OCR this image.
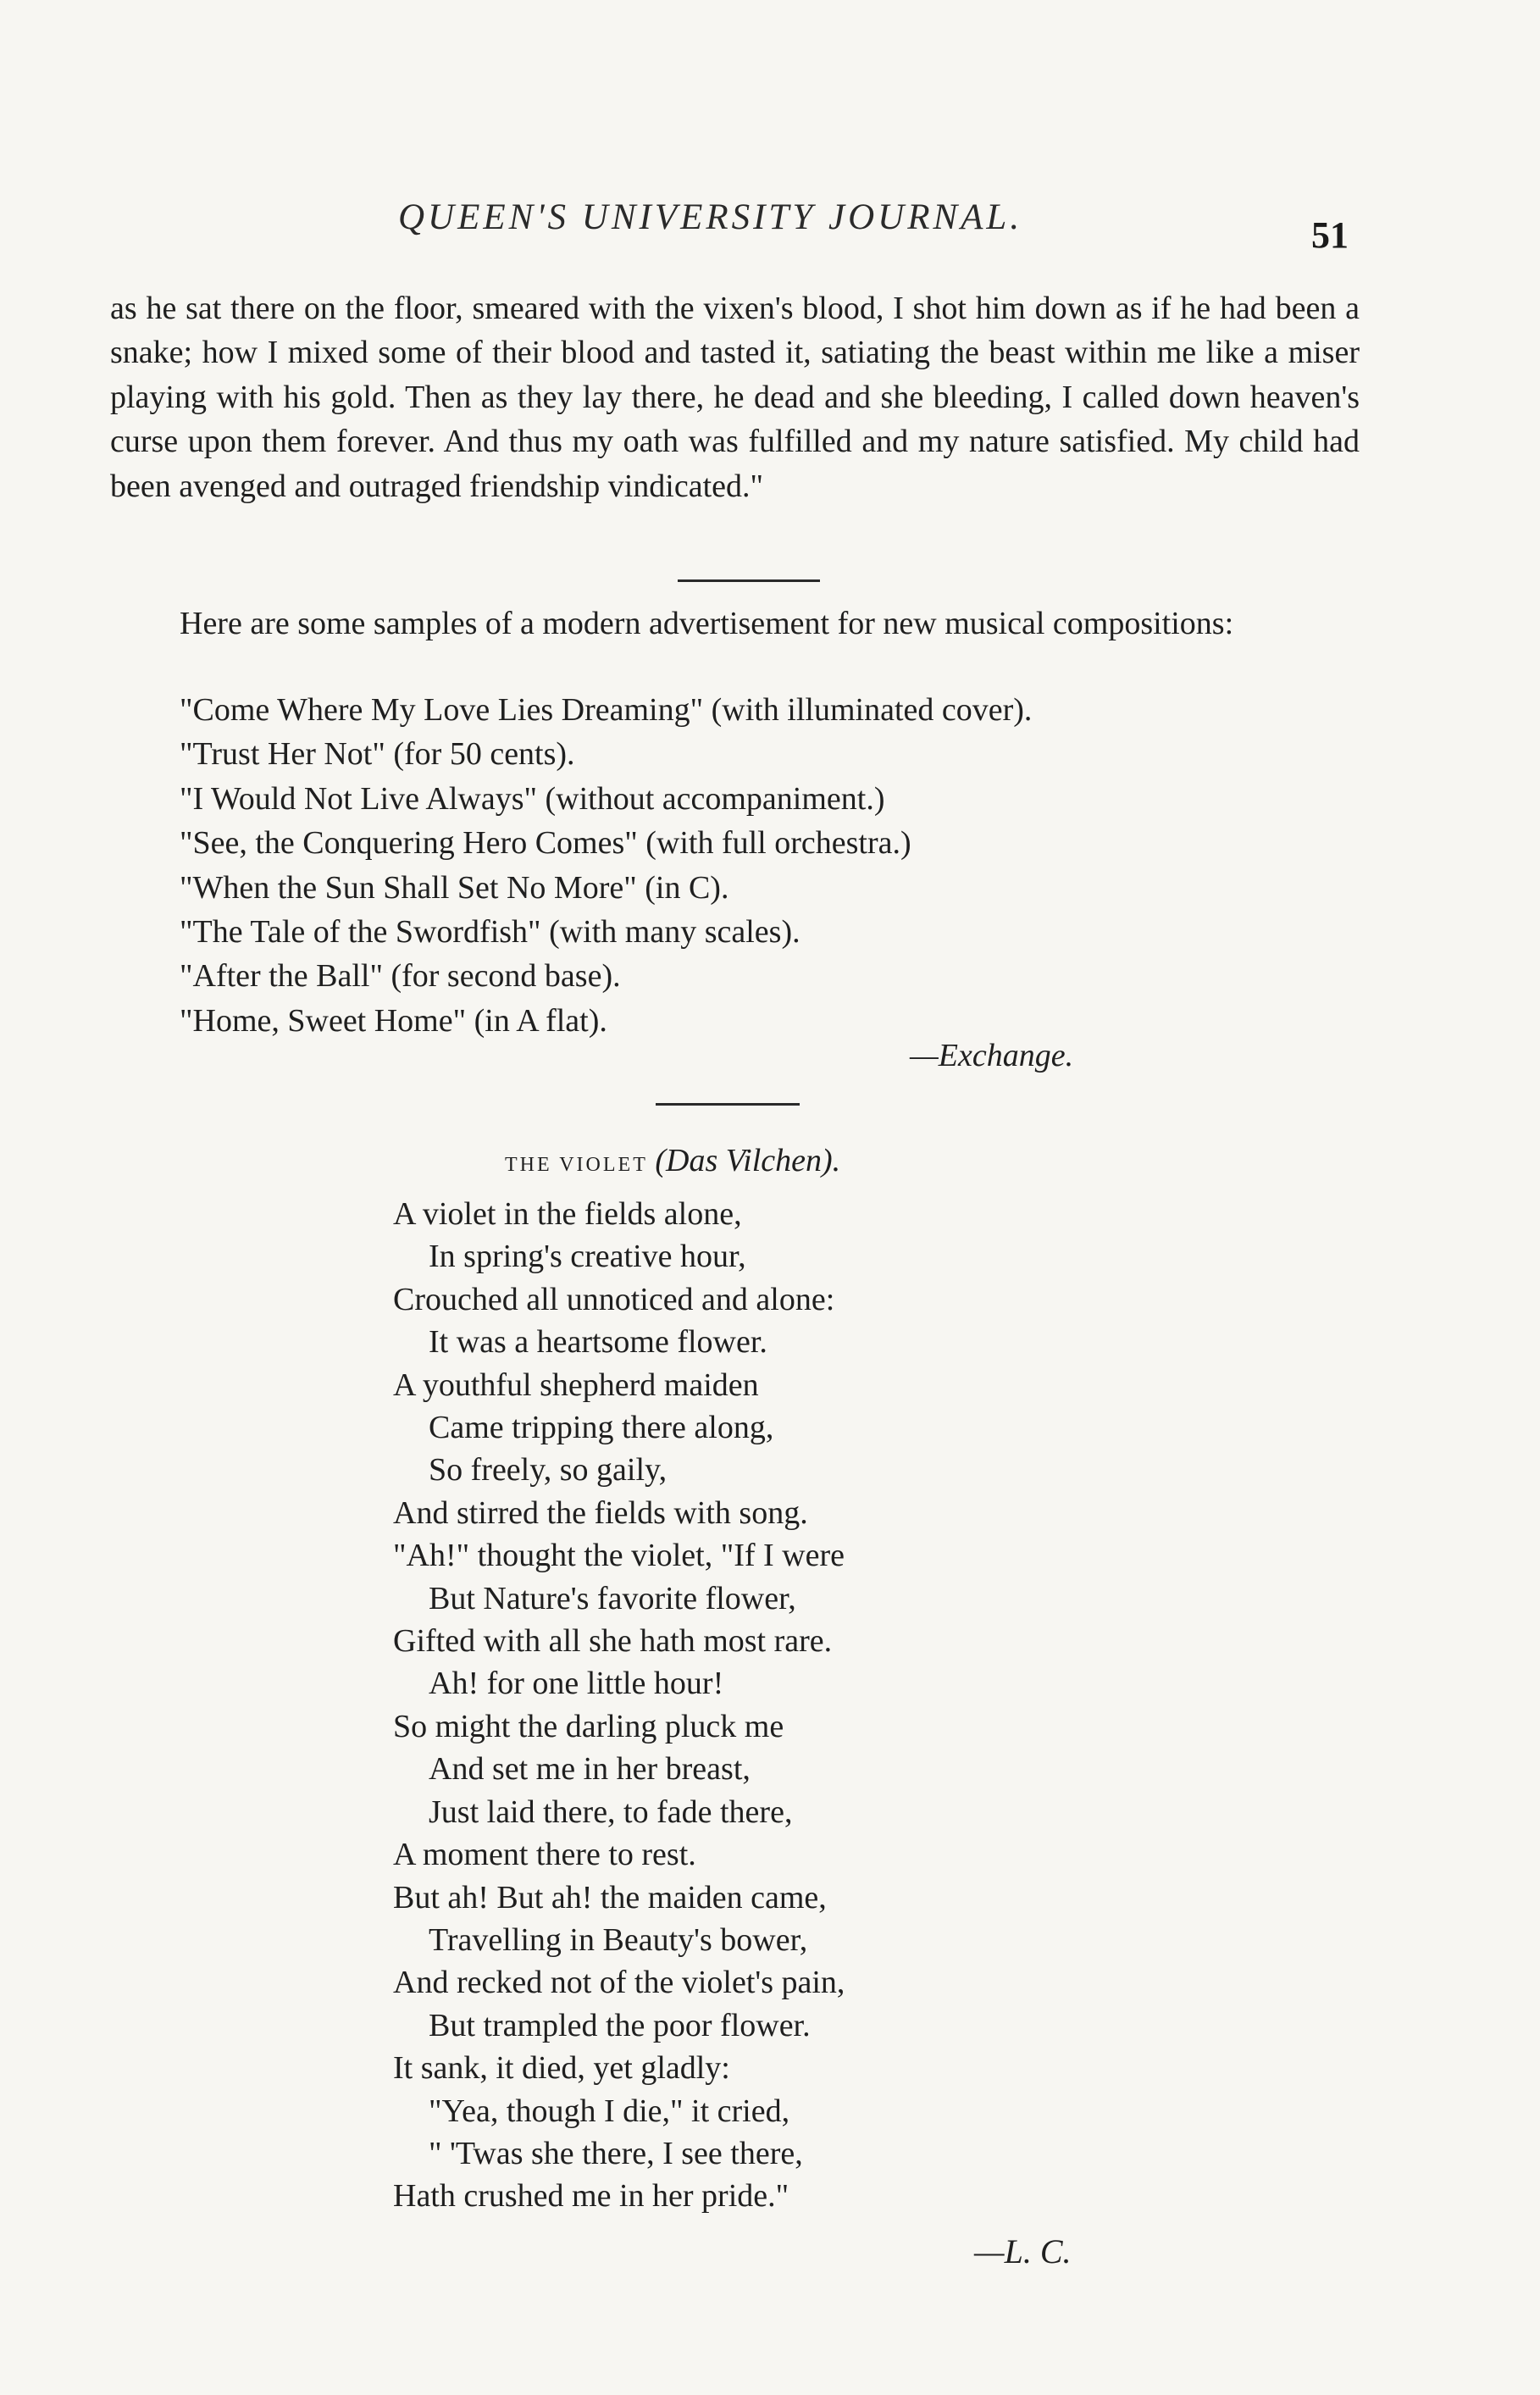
QUEEN'S UNIVERSITY JOURNAL.	51

as he sat there on the floor, smeared with the vixen's blood, I shot him down as if he had been a snake; how I mixed some of their blood and tasted it, satiating the beast within me like a miser playing with his gold. Then as they lay there, he dead and she bleeding, I called down heaven's curse upon them forever. And thus my oath was fulfilled and my nature satisfied. My child had been avenged and outraged friendship vindicated."

Here are some samples of a modern advertisement for new musical compositions:

"Come Where My Love Lies Dreaming" (with illuminated cover).
"Trust Her Not" (for 50 cents).
"I Would Not Live Always" (without accompaniment.)
"See, the Conquering Hero Comes" (with full orchestra.)
"When the Sun Shall Set No More" (in C).
"The Tale of the Swordfish" (with many scales).
"After the Ball" (for second base).
"Home, Sweet Home" (in A flat).
—Exchange.
THE VIOLET (Das Vilchen).
A violet in the fields alone,
In spring's creative hour,
Crouched all unnoticed and alone:
It was a heartsome flower.
A youthful shepherd maiden
Came tripping there along,
So freely, so gaily,
And stirred the fields with song.
"Ah!" thought the violet, "If I were
But Nature's favorite flower,
Gifted with all she hath most rare.
Ah! for one little hour!
So might the darling pluck me
And set me in her breast,
Just laid there, to fade there,
A moment there to rest.
But ah! But ah! the maiden came,
Travelling in Beauty's bower,
And recked not of the violet's pain,
But trampled the poor flower.
It sank, it died, yet gladly:
"Yea, though I die," it cried,
" 'Twas she there, I see there,
Hath crushed me in her pride."
—L. C.
